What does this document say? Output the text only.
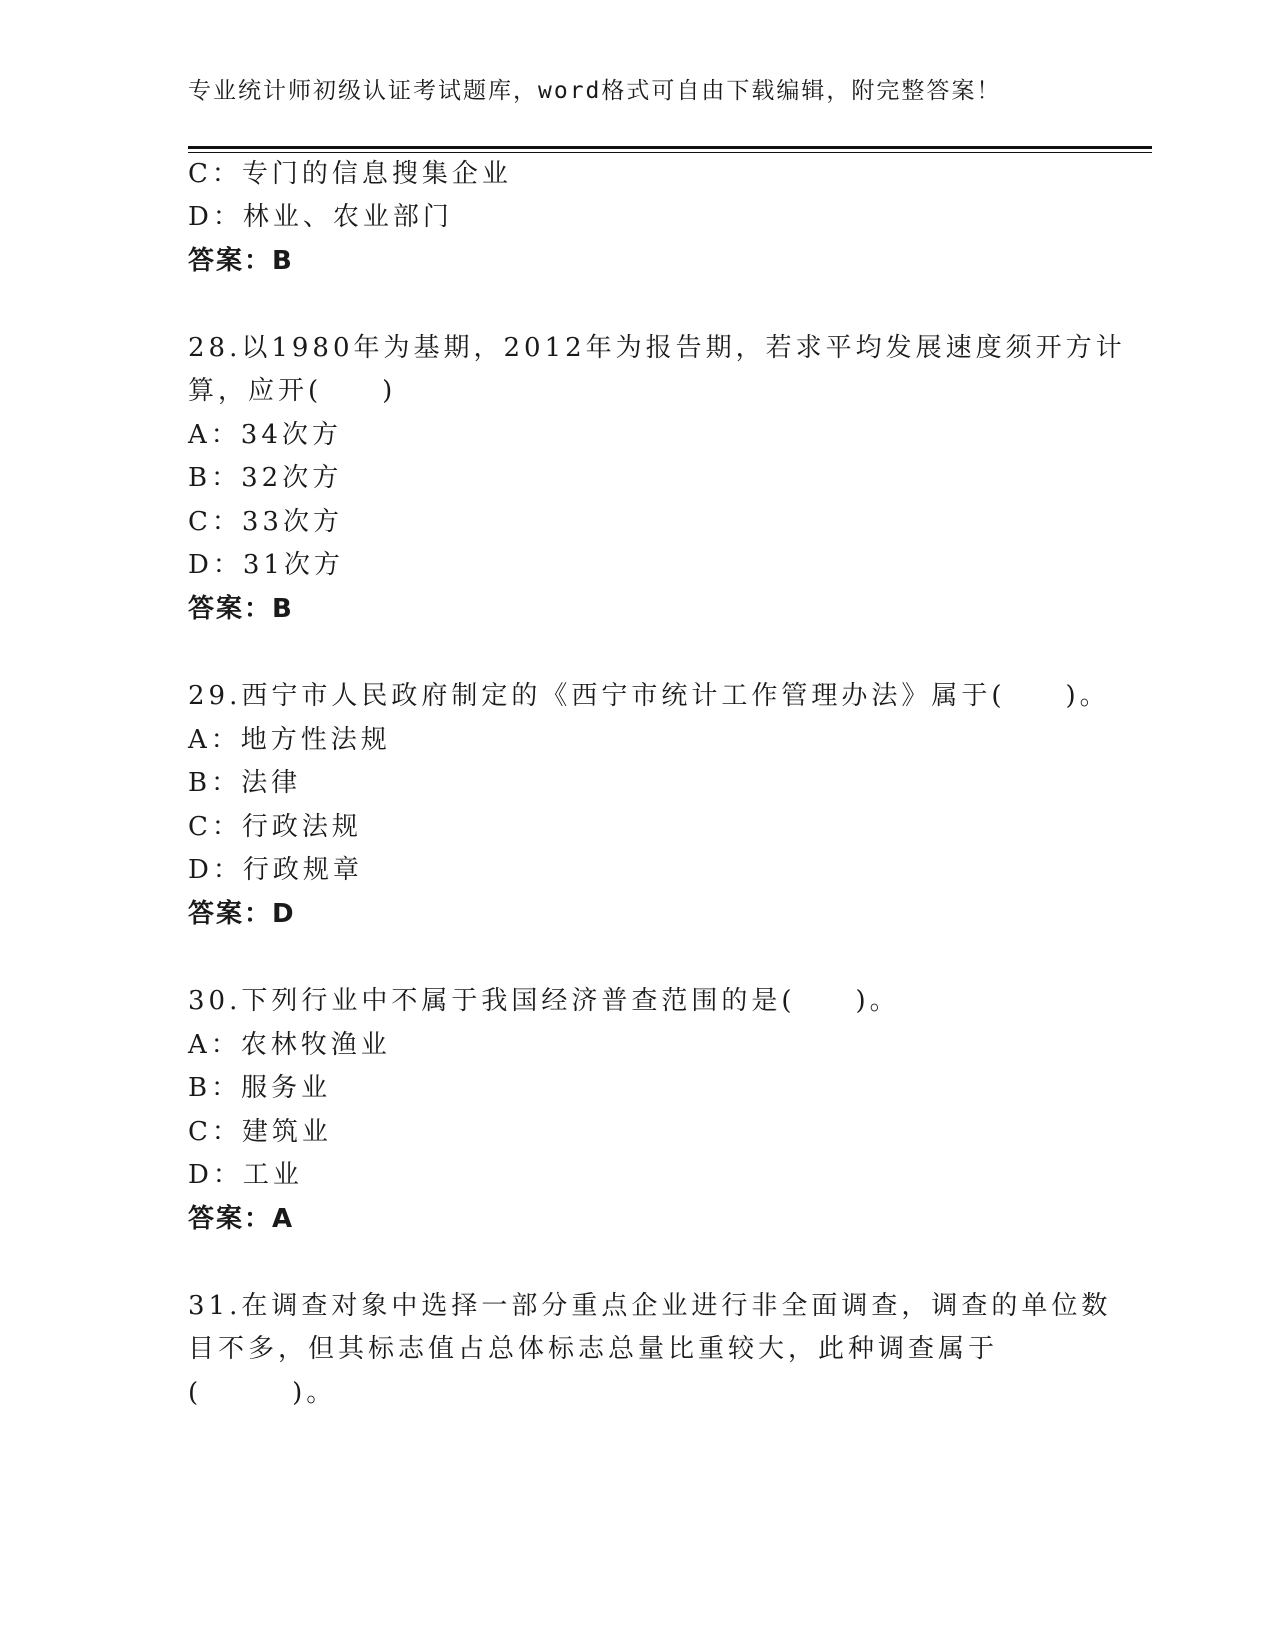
专业统计师初级认证考试题库，word格式可自由下载编辑，附完整答案！
C：专门的信息搜集企业
D：林业、农业部门
答案：B
28.以1980年为基期，2012年为报告期，若求平均发展速度须开方计
算，应开(　　)
A：34次方
B：32次方
C：33次方
D：31次方
答案：B
29.西宁市人民政府制定的《西宁市统计工作管理办法》属于(　　)。
A：地方性法规
B：法律
C：行政法规
D：行政规章
答案：D
30.下列行业中不属于我国经济普查范围的是(　　)。
A：农林牧渔业
B：服务业
C：建筑业
D：工业
答案：A
31.在调查对象中选择一部分重点企业进行非全面调查，调查的单位数
目不多，但其标志值占总体标志总量比重较大，此种调查属于
(　　　)。
